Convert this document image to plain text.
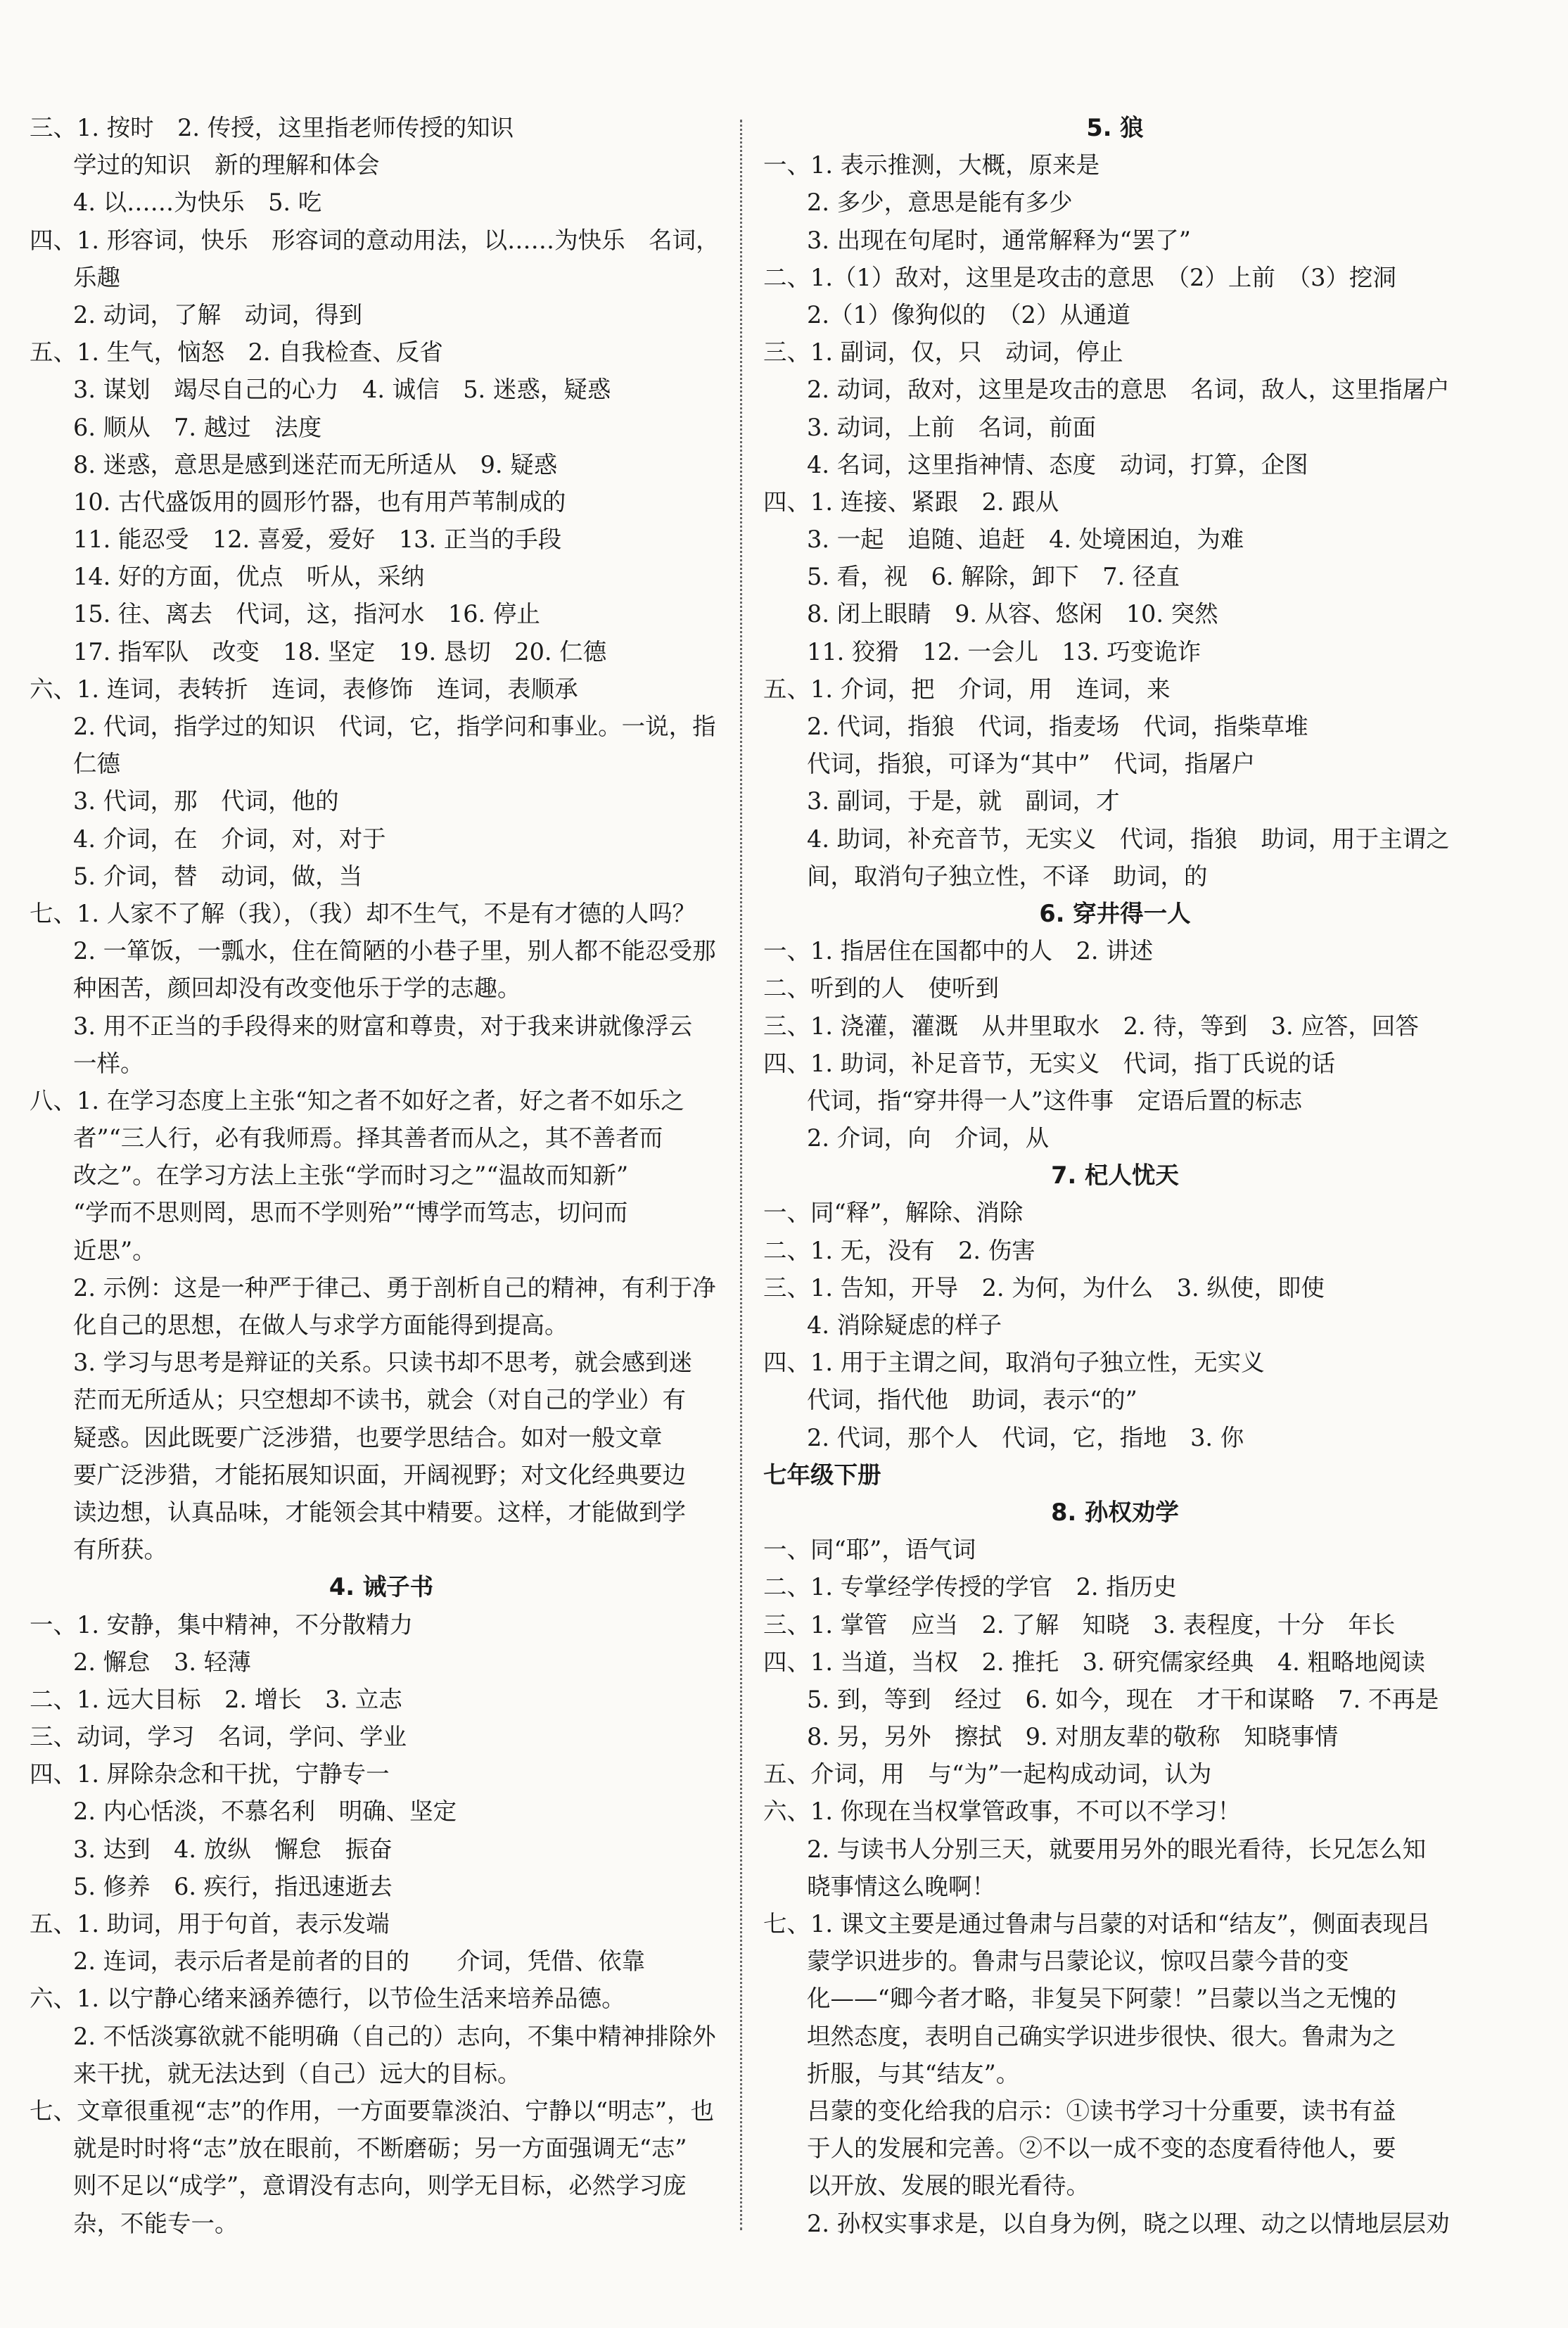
三、1. 按时　2. 传授，这里指老师传授的知识
学过的知识　新的理解和体会
4. 以……为快乐　5. 吃
四、1. 形容词，快乐　形容词的意动用法，以……为快乐　名词，
乐趣
2. 动词，了解　动词，得到
五、1. 生气，恼怒　2. 自我检查、反省
3. 谋划　竭尽自己的心力　4. 诚信　5. 迷惑，疑惑
6. 顺从　7. 越过　法度
8. 迷惑，意思是感到迷茫而无所适从　9. 疑惑
10. 古代盛饭用的圆形竹器，也有用芦苇制成的
11. 能忍受　12. 喜爱，爱好　13. 正当的手段
14. 好的方面，优点　听从，采纳
15. 往、离去　代词，这，指河水　16. 停止
17. 指军队　改变　18. 坚定　19. 恳切　20. 仁德
六、1. 连词，表转折　连词，表修饰　连词，表顺承
2. 代词，指学过的知识　代词，它，指学问和事业。一说，指
仁德
3. 代词，那　代词，他的
4. 介词，在　介词，对，对于
5. 介词，替　动词，做，当
七、1. 人家不了解（我），（我）却不生气，不是有才德的人吗？
2. 一箪饭，一瓢水，住在简陋的小巷子里，别人都不能忍受那
种困苦，颜回却没有改变他乐于学的志趣。
3. 用不正当的手段得来的财富和尊贵，对于我来讲就像浮云
一样。
八、1. 在学习态度上主张“知之者不如好之者，好之者不如乐之
者”“三人行，必有我师焉。择其善者而从之，其不善者而
改之”。在学习方法上主张“学而时习之”“温故而知新”
“学而不思则罔，思而不学则殆”“博学而笃志，切问而
近思”。
2. 示例：这是一种严于律己、勇于剖析自己的精神，有利于净
化自己的思想，在做人与求学方面能得到提高。
3. 学习与思考是辩证的关系。只读书却不思考，就会感到迷
茫而无所适从；只空想却不读书，就会（对自己的学业）有
疑惑。因此既要广泛涉猎，也要学思结合。如对一般文章
要广泛涉猎，才能拓展知识面，开阔视野；对文化经典要边
读边想，认真品味，才能领会其中精要。这样，才能做到学
有所获。
4. 诫子书
一、1. 安静，集中精神，不分散精力
2. 懈怠　3. 轻薄
二、1. 远大目标　2. 增长　3. 立志
三、动词，学习　名词，学问、学业
四、1. 屏除杂念和干扰，宁静专一
2. 内心恬淡，不慕名利　明确、坚定
3. 达到　4. 放纵　懈怠　振奋
5. 修养　6. 疾行，指迅速逝去
五、1. 助词，用于句首，表示发端
2. 连词，表示后者是前者的目的　　介词，凭借、依靠
六、1. 以宁静心绪来涵养德行，以节俭生活来培养品德。
2. 不恬淡寡欲就不能明确（自己的）志向，不集中精神排除外
来干扰，就无法达到（自己）远大的目标。
七、文章很重视“志”的作用，一方面要靠淡泊、宁静以“明志”，也
就是时时将“志”放在眼前，不断磨砺；另一方面强调无“志”
则不足以“成学”，意谓没有志向，则学无目标，必然学习庞
杂，不能专一。
5. 狼
一、1. 表示推测，大概，原来是
2. 多少，意思是能有多少
3. 出现在句尾时，通常解释为“罢了”
二、1.（1）敌对，这里是攻击的意思　（2）上前　（3）挖洞
2.（1）像狗似的　（2）从通道
三、1. 副词，仅，只　动词，停止
2. 动词，敌对，这里是攻击的意思　名词，敌人，这里指屠户
3. 动词，上前　名词，前面
4. 名词，这里指神情、态度　动词，打算，企图
四、1. 连接、紧跟　2. 跟从
3. 一起　追随、追赶　4. 处境困迫，为难
5. 看，视　6. 解除，卸下　7. 径直
8. 闭上眼睛　9. 从容、悠闲　10. 突然
11. 狡猾　12. 一会儿　13. 巧变诡诈
五、1. 介词，把　介词，用　连词，来
2. 代词，指狼　代词，指麦场　代词，指柴草堆
代词，指狼，可译为“其中”　代词，指屠户
3. 副词，于是，就　副词，才
4. 助词，补充音节，无实义　代词，指狼　助词，用于主谓之
间，取消句子独立性，不译　助词，的
6. 穿井得一人
一、1. 指居住在国都中的人　2. 讲述
二、听到的人　使听到
三、1. 浇灌，灌溉　从井里取水　2. 待，等到　3. 应答，回答
四、1. 助词，补足音节，无实义　代词，指丁氏说的话
代词，指“穿井得一人”这件事　定语后置的标志
2. 介词，向　介词，从
7. 杞人忧天
一、同“释”，解除、消除
二、1. 无，没有　2. 伤害
三、1. 告知，开导　2. 为何，为什么　3. 纵使，即使
4. 消除疑虑的样子
四、1. 用于主谓之间，取消句子独立性，无实义
代词，指代他　助词，表示“的”
2. 代词，那个人　代词，它，指地　3. 你
七年级下册
8. 孙权劝学
一、同“耶”，语气词
二、1. 专掌经学传授的学官　2. 指历史
三、1. 掌管　应当　2. 了解　知晓　3. 表程度，十分　年长
四、1. 当道，当权　2. 推托　3. 研究儒家经典　4. 粗略地阅读
5. 到，等到　经过　6. 如今，现在　才干和谋略　7. 不再是
8. 另，另外　擦拭　9. 对朋友辈的敬称　知晓事情
五、介词，用　与“为”一起构成动词，认为
六、1. 你现在当权掌管政事，不可以不学习！
2. 与读书人分别三天，就要用另外的眼光看待，长兄怎么知
晓事情这么晚啊！
七、1. 课文主要是通过鲁肃与吕蒙的对话和“结友”，侧面表现吕
蒙学识进步的。鲁肃与吕蒙论议，惊叹吕蒙今昔的变
化——“卿今者才略，非复吴下阿蒙！”吕蒙以当之无愧的
坦然态度，表明自己确实学识进步很快、很大。鲁肃为之
折服，与其“结友”。
吕蒙的变化给我的启示：①读书学习十分重要，读书有益
于人的发展和完善。②不以一成不变的态度看待他人，要
以开放、发展的眼光看待。
2. 孙权实事求是，以自身为例，晓之以理、动之以情地层层劝
